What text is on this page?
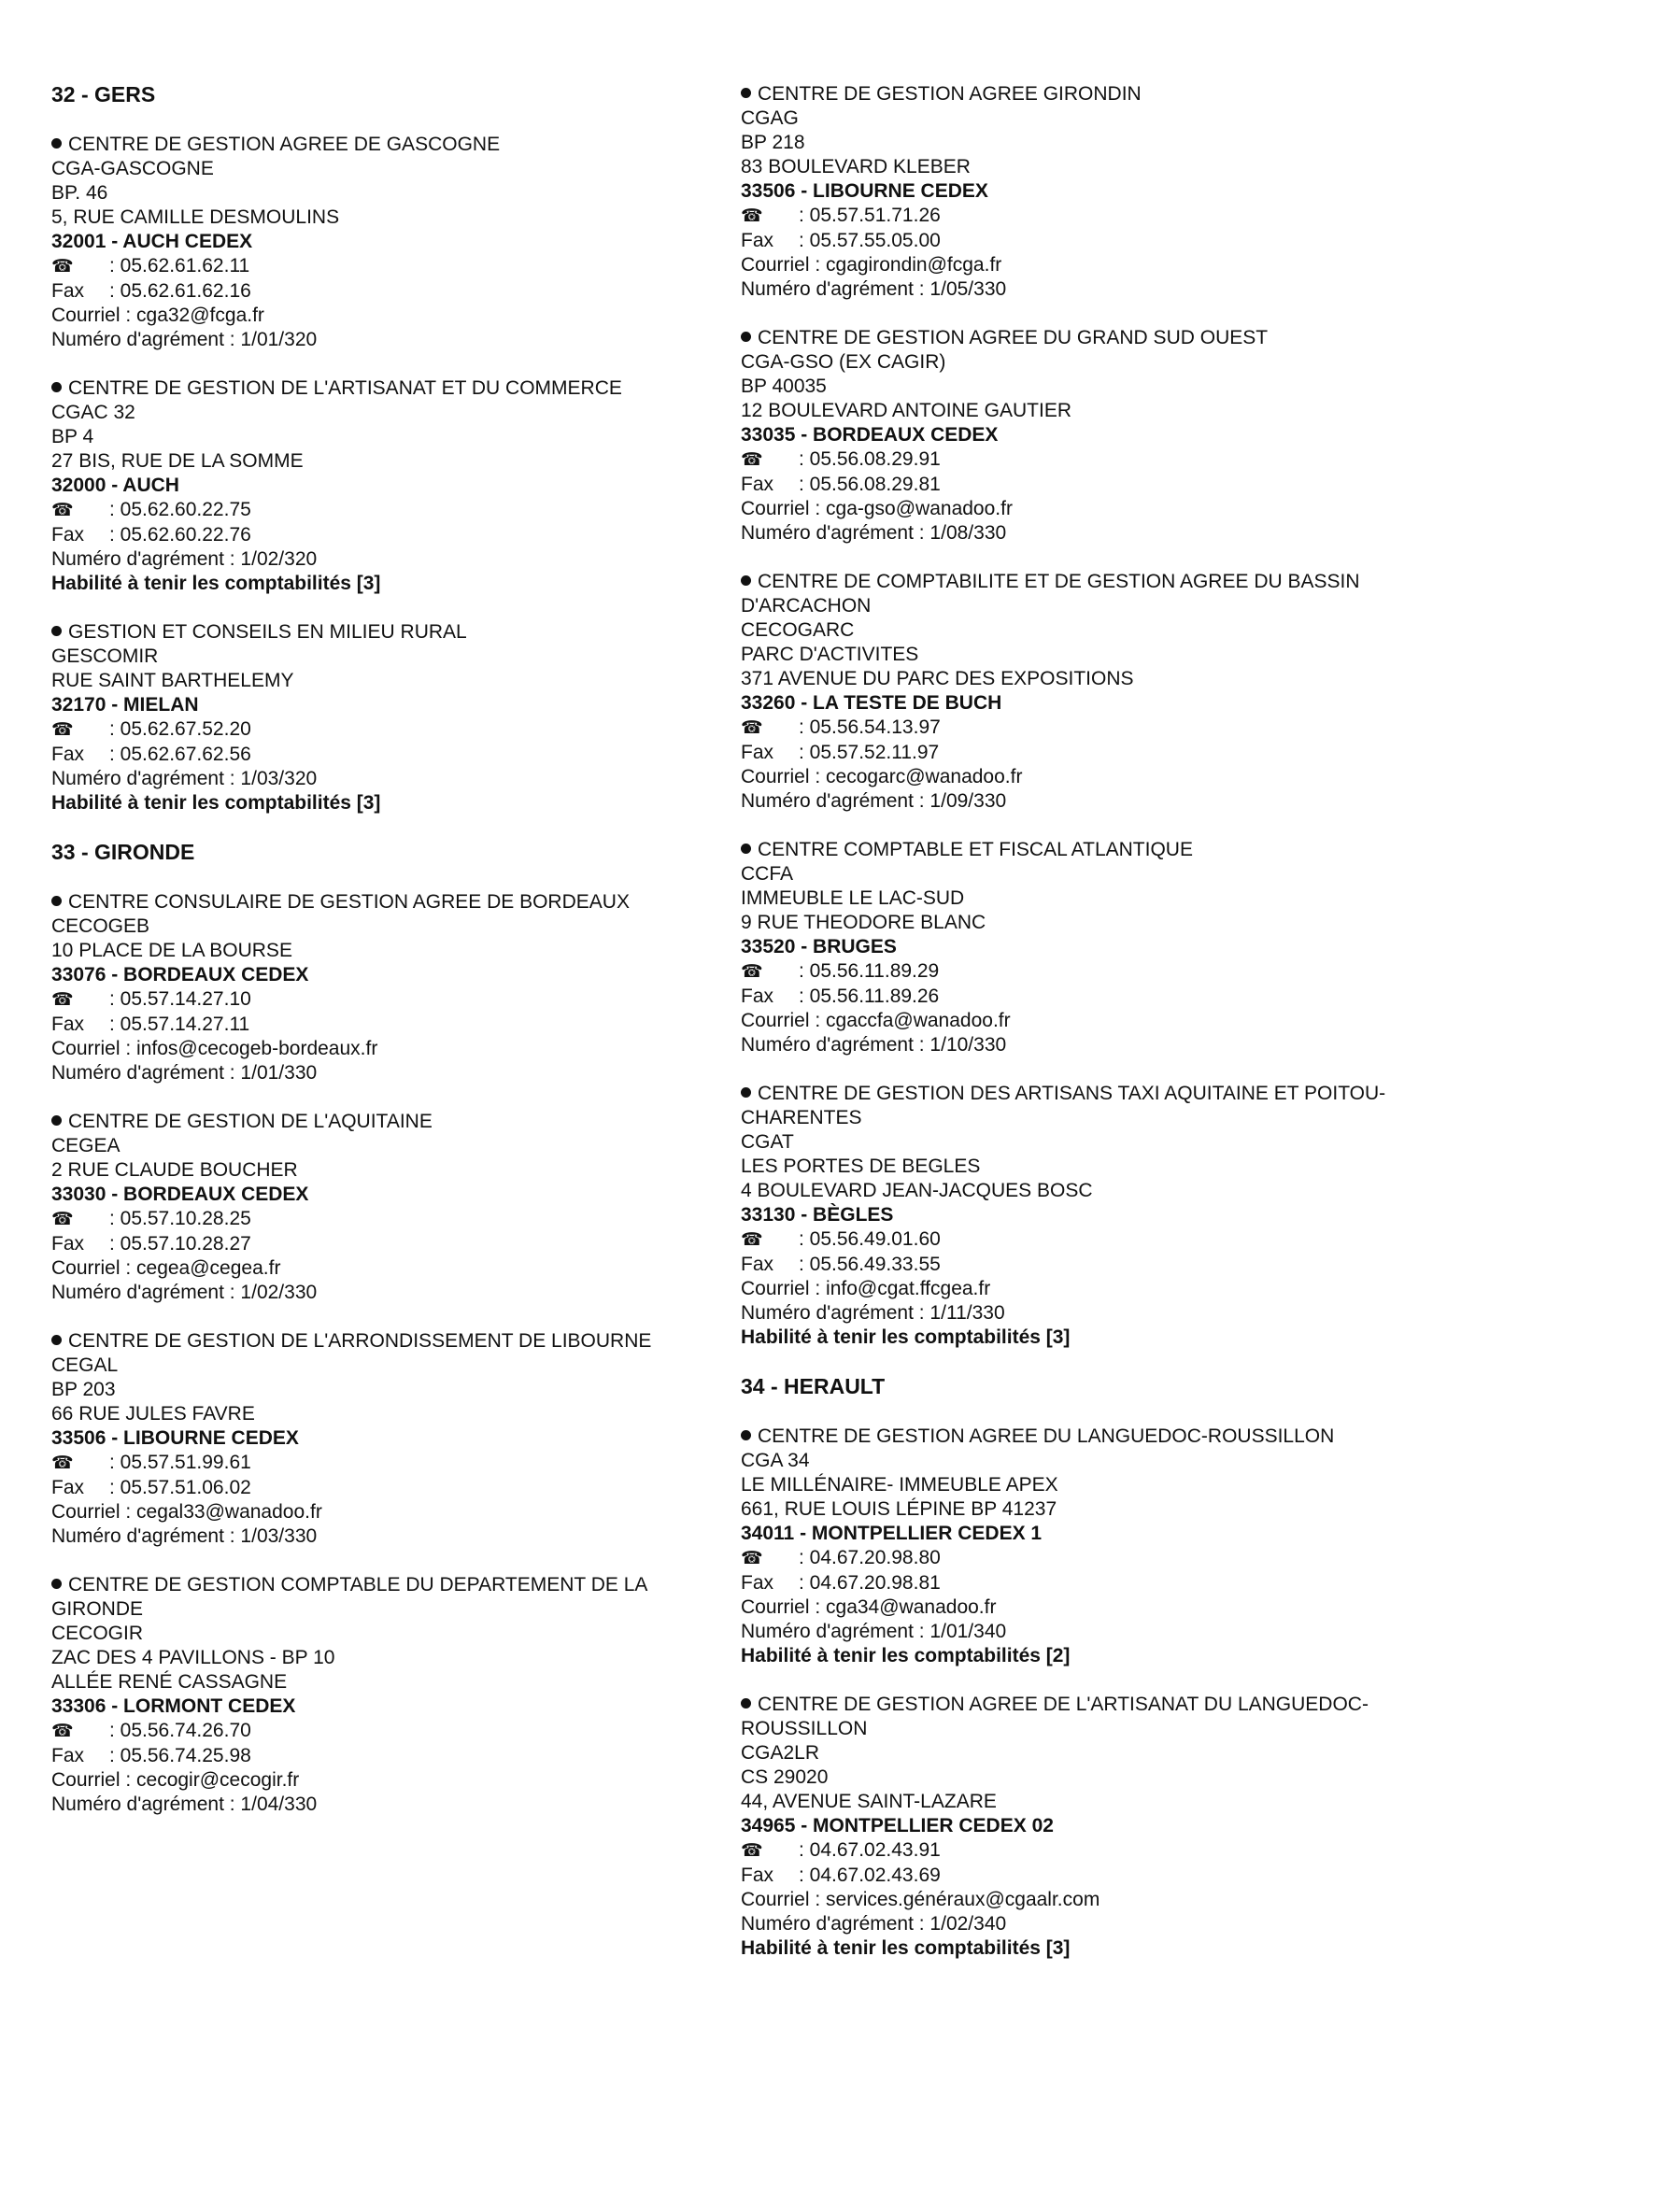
32 - GERS
CENTRE DE GESTION AGREE DE GASCOGNE
CGA-GASCOGNE
BP. 46
5, RUE CAMILLE DESMOULINS
32001 - AUCH CEDEX
☎ : 05.62.61.62.11
Fax : 05.62.61.62.16
Courriel : cga32@fcga.fr
Numéro d'agrément : 1/01/320
CENTRE DE GESTION DE L'ARTISANAT ET DU COMMERCE
CGAC 32
BP 4
27 BIS, RUE DE LA SOMME
32000 - AUCH
☎ : 05.62.60.22.75
Fax : 05.62.60.22.76
Numéro d'agrément : 1/02/320
Habilité à tenir les comptabilités [3]
GESTION ET CONSEILS EN MILIEU RURAL
GESCOMIR
RUE SAINT BARTHELEMY
32170 - MIELAN
☎ : 05.62.67.52.20
Fax : 05.62.67.62.56
Numéro d'agrément : 1/03/320
Habilité à tenir les comptabilités [3]
33 - GIRONDE
CENTRE CONSULAIRE DE GESTION AGREE DE BORDEAUX
CECOGEB
10 PLACE DE LA BOURSE
33076 - BORDEAUX CEDEX
☎ : 05.57.14.27.10
Fax : 05.57.14.27.11
Courriel : infos@cecogeb-bordeaux.fr
Numéro d'agrément : 1/01/330
CENTRE DE GESTION DE L'AQUITAINE
CEGEA
2 RUE CLAUDE BOUCHER
33030 - BORDEAUX CEDEX
☎ : 05.57.10.28.25
Fax : 05.57.10.28.27
Courriel : cegea@cegea.fr
Numéro d'agrément : 1/02/330
CENTRE DE GESTION DE L'ARRONDISSEMENT DE LIBOURNE
CEGAL
BP 203
66 RUE JULES FAVRE
33506 - LIBOURNE CEDEX
☎ : 05.57.51.99.61
Fax : 05.57.51.06.02
Courriel : cegal33@wanadoo.fr
Numéro d'agrément : 1/03/330
CENTRE DE GESTION COMPTABLE DU DEPARTEMENT DE LA GIRONDE
CECOGIR
ZAC DES 4 PAVILLONS - BP 10
ALLÉE RENÉ CASSAGNE
33306 - LORMONT CEDEX
☎ : 05.56.74.26.70
Fax : 05.56.74.25.98
Courriel : cecogir@cecogir.fr
Numéro d'agrément : 1/04/330
CENTRE DE GESTION AGREE GIRONDIN
CGAG
BP 218
83 BOULEVARD KLEBER
33506 - LIBOURNE CEDEX
☎ : 05.57.51.71.26
Fax : 05.57.55.05.00
Courriel : cgagirondin@fcga.fr
Numéro d'agrément : 1/05/330
CENTRE DE GESTION AGREE DU GRAND SUD OUEST
CGA-GSO (EX CAGIR)
BP 40035
12 BOULEVARD ANTOINE GAUTIER
33035 - BORDEAUX CEDEX
☎ : 05.56.08.29.91
Fax : 05.56.08.29.81
Courriel : cga-gso@wanadoo.fr
Numéro d'agrément : 1/08/330
CENTRE DE COMPTABILITE ET DE GESTION AGREE DU BASSIN D'ARCACHON
CECOGARC
PARC D'ACTIVITES
371 AVENUE DU PARC DES EXPOSITIONS
33260 - LA TESTE DE BUCH
☎ : 05.56.54.13.97
Fax : 05.57.52.11.97
Courriel : cecogarc@wanadoo.fr
Numéro d'agrément : 1/09/330
CENTRE COMPTABLE ET FISCAL ATLANTIQUE
CCFA
IMMEUBLE LE LAC-SUD
9 RUE THEODORE BLANC
33520 - BRUGES
☎ : 05.56.11.89.29
Fax : 05.56.11.89.26
Courriel : cgaccfa@wanadoo.fr
Numéro d'agrément : 1/10/330
CENTRE DE GESTION DES ARTISANS TAXI AQUITAINE ET POITOU-CHARENTES
CGAT
LES PORTES DE BEGLES
4 BOULEVARD JEAN-JACQUES BOSC
33130 - BÈGLES
☎ : 05.56.49.01.60
Fax : 05.56.49.33.55
Courriel : info@cgat.ffcgea.fr
Numéro d'agrément : 1/11/330
Habilité à tenir les comptabilités [3]
34 - HERAULT
CENTRE DE GESTION AGREE DU LANGUEDOC-ROUSSILLON
CGA 34
LE MILLÉNAIRE- IMMEUBLE APEX
661, RUE LOUIS LÉPINE BP 41237
34011 - MONTPELLIER CEDEX 1
☎ : 04.67.20.98.80
Fax : 04.67.20.98.81
Courriel : cga34@wanadoo.fr
Numéro d'agrément : 1/01/340
Habilité à tenir les comptabilités [2]
CENTRE DE GESTION AGREE DE L'ARTISANAT DU LANGUEDOC-ROUSSILLON
CGA2LR
CS 29020
44, AVENUE SAINT-LAZARE
34965 - MONTPELLIER CEDEX 02
☎ : 04.67.02.43.91
Fax : 04.67.02.43.69
Courriel : services.généraux@cgaalr.com
Numéro d'agrément : 1/02/340
Habilité à tenir les comptabilités [3]
